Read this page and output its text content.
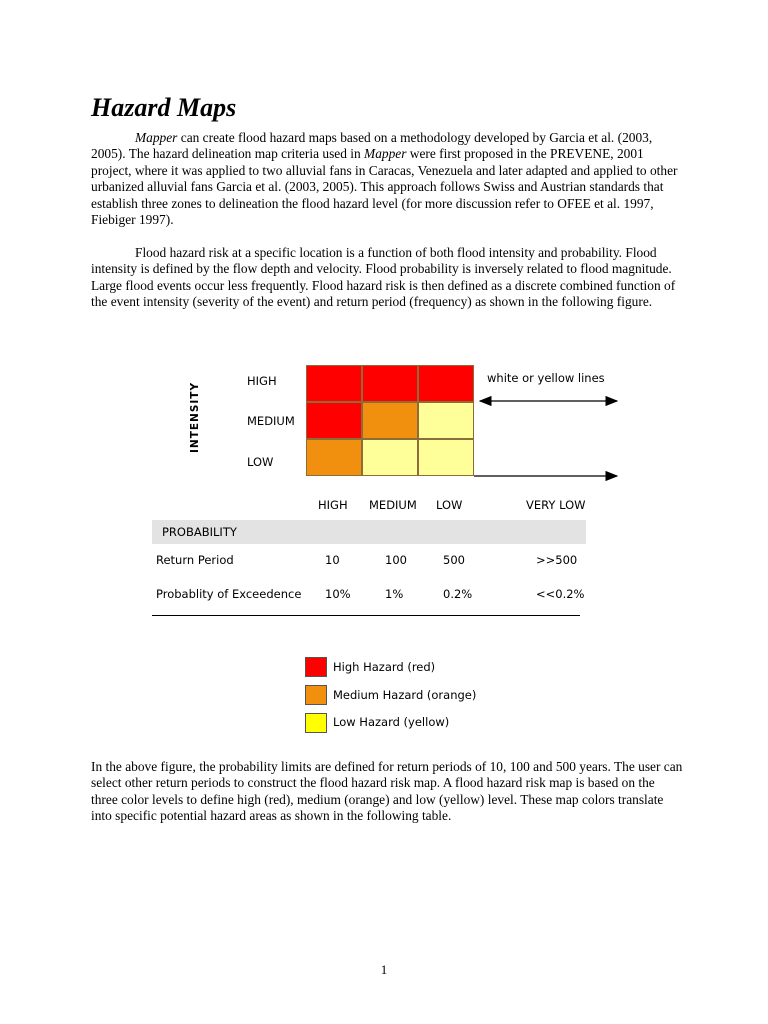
Hazard Maps

Mapper can create flood hazard maps based on a methodology developed by Garcia et al. (2003, 2005). The hazard delineation map criteria used in Mapper were first proposed in the PREVENE, 2001 project, where it was applied to two alluvial fans in Caracas, Venezuela and later adapted and applied to other urbanized alluvial fans Garcia et al. (2003, 2005). This approach follows Swiss and Austrian standards that establish three zones to delineation the flood hazard level (for more discussion refer to OFEE et al. 1997, Fiebiger 1997).

Flood hazard risk at a specific location is a function of both flood intensity and probability. Flood intensity is defined by the flow depth and velocity. Flood probability is inversely related to flood magnitude. Large flood events occur less frequently. Flood hazard risk is then defined as a discrete combined function of the event intensity (severity of the event) and return period (frequency) as shown in the following figure.

INTENSITY
HIGH
MEDIUM
LOW
white or yellow lines
HIGH MEDIUM LOW	VERY LOW
PROBABILITY
Return Period	10	100	500	>>500
Probablity of Exceedence 10%	1%	0.2%	<<0.2%
High Hazard (red)
Medium Hazard (orange)
Low Hazard (yellow)

In the above figure, the probability limits are defined for return periods of 10, 100 and 500 years. The user can select other return periods to construct the flood hazard risk map. A flood hazard risk map is based on the three color levels to define high (red), medium (orange) and low (yellow) level. These map colors translate into specific potential hazard areas as shown in the following table.

1
